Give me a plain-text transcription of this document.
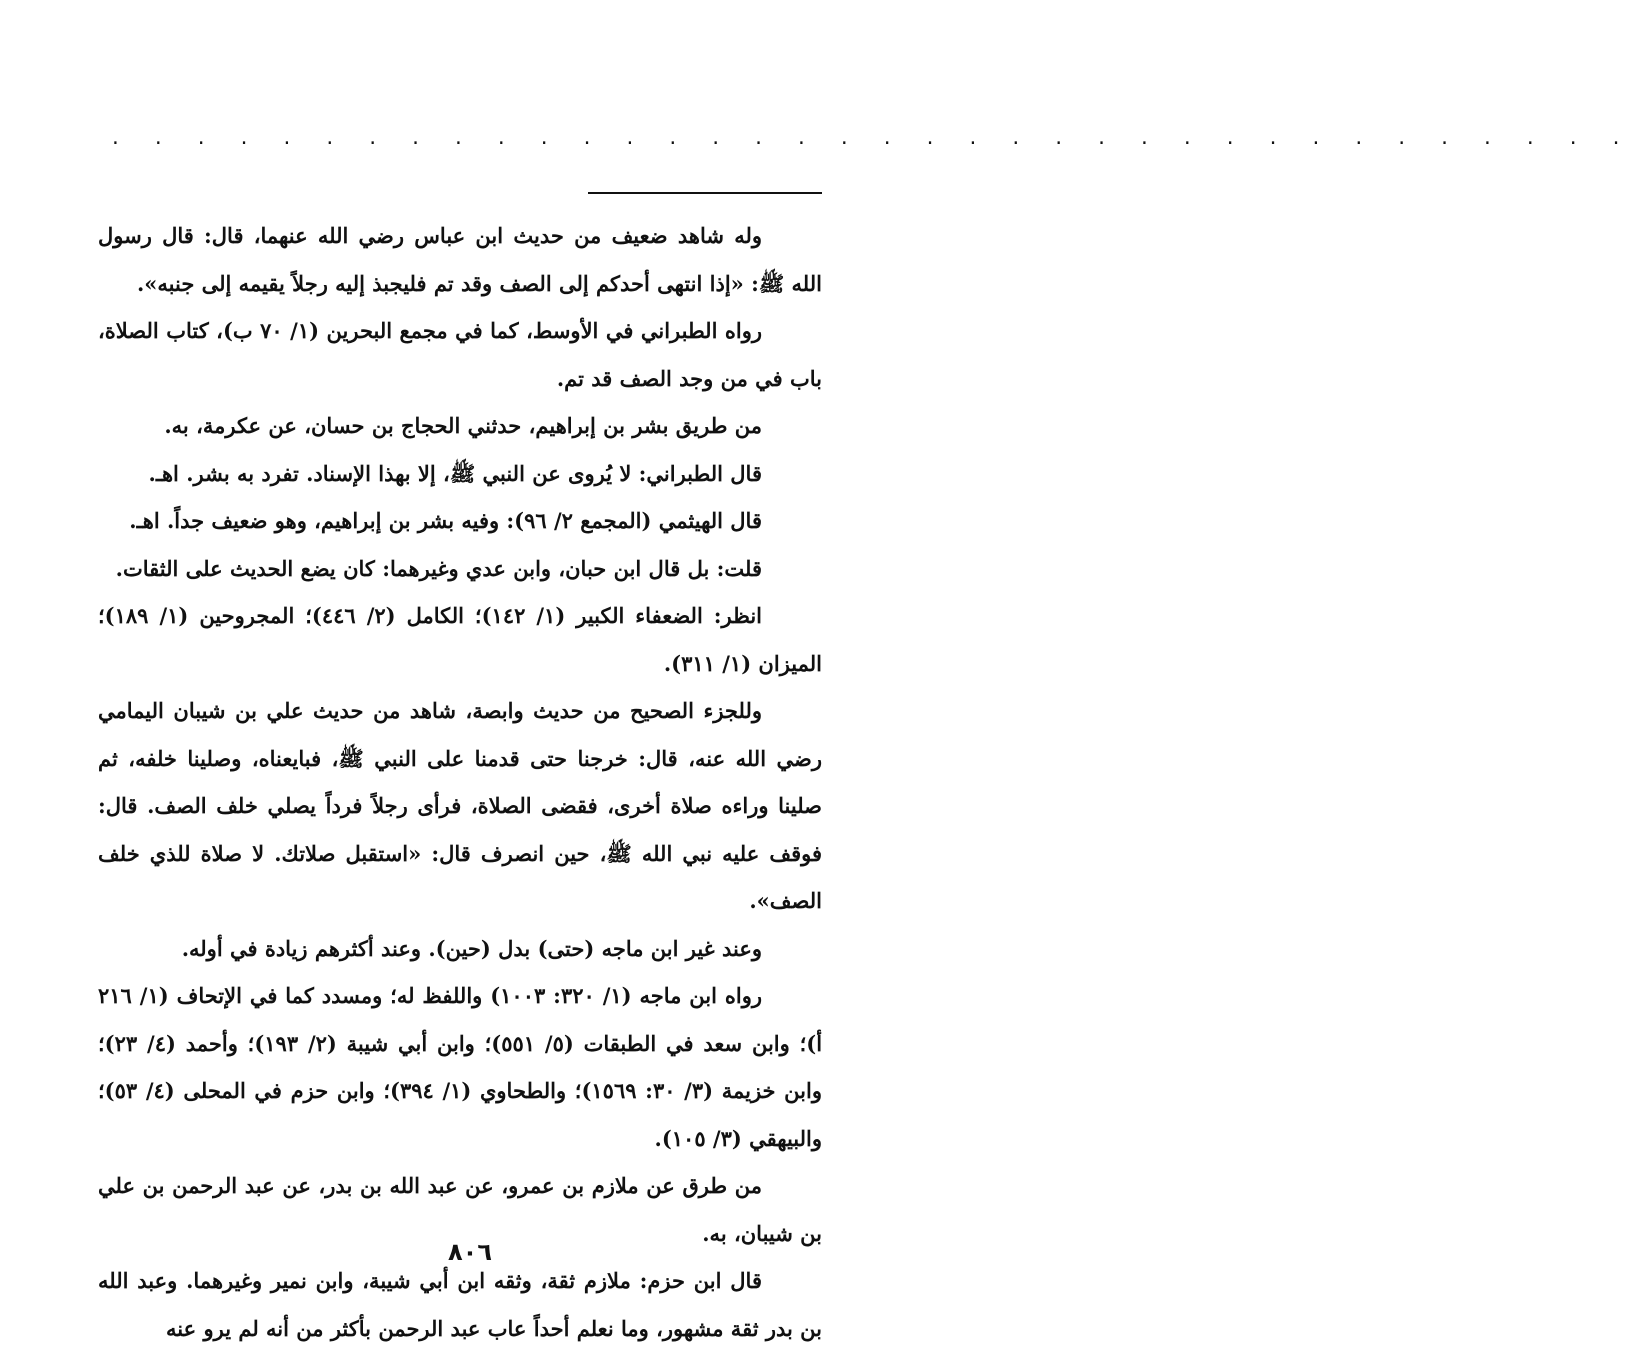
. . . . . . . . . . . . . . . . . . . . . . . . . . . . . . . . . . . .

وله شاهد ضعيف من حديث ابن عباس رضي الله عنهما، قال: قال رسول الله ﷺ: «إذا انتهى أحدكم إلى الصف وقد تم فليجبذ إليه رجلاً يقيمه إلى جنبه».

رواه الطبراني في الأوسط، كما في مجمع البحرين (١/ ٧٠ ب)، كتاب الصلاة، باب في من وجد الصف قد تم.

من طريق بشر بن إبراهيم، حدثني الحجاج بن حسان، عن عكرمة، به.

قال الطبراني: لا يُروى عن النبي ﷺ، إلا بهذا الإسناد. تفرد به بشر. اهـ.

قال الهيثمي (المجمع ٢/ ٩٦): وفيه بشر بن إبراهيم، وهو ضعيف جداً. اهـ.

قلت: بل قال ابن حبان، وابن عدي وغيرهما: كان يضع الحديث على الثقات.

انظر: الضعفاء الكبير (١/ ١٤٢)؛ الكامل (٢/ ٤٤٦)؛ المجروحين (١/ ١٨٩)؛ الميزان (١/ ٣١١).

وللجزء الصحيح من حديث وابصة، شاهد من حديث علي بن شيبان اليمامي رضي الله عنه، قال: خرجنا حتى قدمنا على النبي ﷺ، فبايعناه، وصلينا خلفه، ثم صلينا وراءه صلاة أخرى، فقضى الصلاة، فرأى رجلاً فرداً يصلي خلف الصف. قال: فوقف عليه نبي الله ﷺ، حين انصرف قال: «استقبل صلاتك. لا صلاة للذي خلف الصف».

وعند غير ابن ماجه (حتى) بدل (حين). وعند أكثرهم زيادة في أوله.

رواه ابن ماجه (١/ ٣٢٠: ١٠٠٣) واللفظ له؛ ومسدد كما في الإتحاف (١/ ٢١٦ أ)؛ وابن سعد في الطبقات (٥/ ٥٥١)؛ وابن أبي شيبة (٢/ ١٩٣)؛ وأحمد (٤/ ٢٣)؛ وابن خزيمة (٣/ ٣٠: ١٥٦٩)؛ والطحاوي (١/ ٣٩٤)؛ وابن حزم في المحلى (٤/ ٥٣)؛ والبيهقي (٣/ ١٠٥).

من طرق عن ملازم بن عمرو، عن عبد الله بن بدر، عن عبد الرحمن بن علي بن شيبان، به.

قال ابن حزم: ملازم ثقة، وثقه ابن أبي شيبة، وابن نمير وغيرهما. وعبد الله بن بدر ثقة مشهور، وما نعلم أحداً عاب عبد الرحمن بأكثر من أنه لم يرو عنه

٨٠٦
